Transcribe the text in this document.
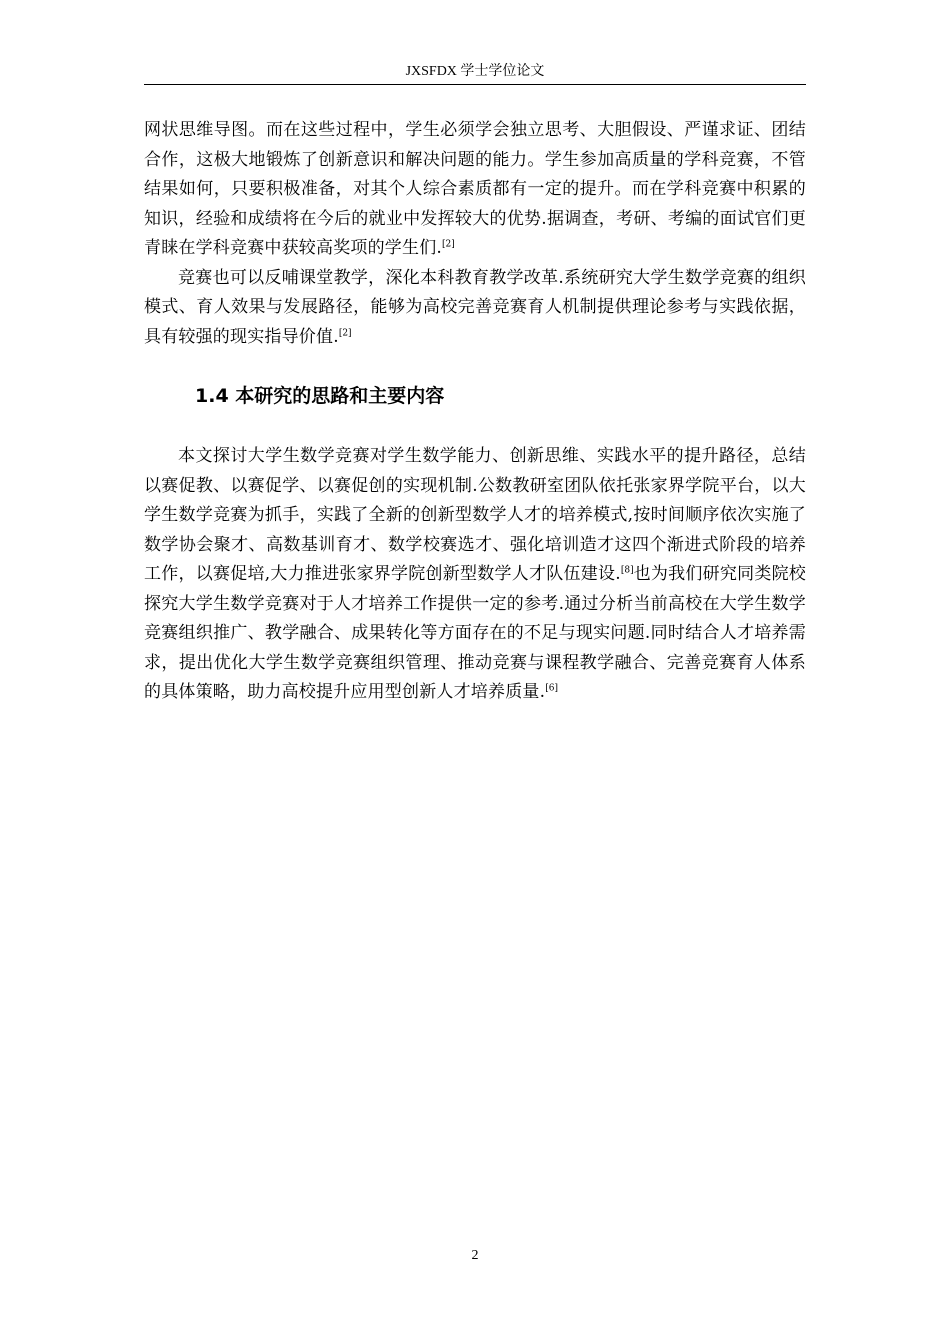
JXSFDX 学士学位论文

网状思维导图。而在这些过程中，学生必须学会独立思考、大胆假设、严谨求证、团结合作，这极大地锻炼了创新意识和解决问题的能力。学生参加高质量的学科竞赛，不管结果如何，只要积极准备，对其个人综合素质都有一定的提升。而在学科竞赛中积累的知识，经验和成绩将在今后的就业中发挥较大的优势.据调查，考研、考编的面试官们更青睐在学科竞赛中获较高奖项的学生们.[2]

竞赛也可以反哺课堂教学，深化本科教育教学改革.系统研究大学生数学竞赛的组织模式、育人效果与发展路径，能够为高校完善竞赛育人机制提供理论参考与实践依据，具有较强的现实指导价值.[2]

1.4 本研究的思路和主要内容

本文探讨大学生数学竞赛对学生数学能力、创新思维、实践水平的提升路径，总结以赛促教、以赛促学、以赛促创的实现机制.公数教研室团队依托张家界学院平台，以大学生数学竞赛为抓手，实践了全新的创新型数学人才的培养模式,按时间顺序依次实施了数学协会聚才、高数基训育才、数学校赛选才、强化培训造才这四个渐进式阶段的培养工作，以赛促培,大力推进张家界学院创新型数学人才队伍建设.[8]也为我们研究同类院校探究大学生数学竞赛对于人才培养工作提供一定的参考.通过分析当前高校在大学生数学竞赛组织推广、教学融合、成果转化等方面存在的不足与现实问题.同时结合人才培养需求，提出优化大学生数学竞赛组织管理、推动竞赛与课程教学融合、完善竞赛育人体系的具体策略，助力高校提升应用型创新人才培养质量.[6]

2
